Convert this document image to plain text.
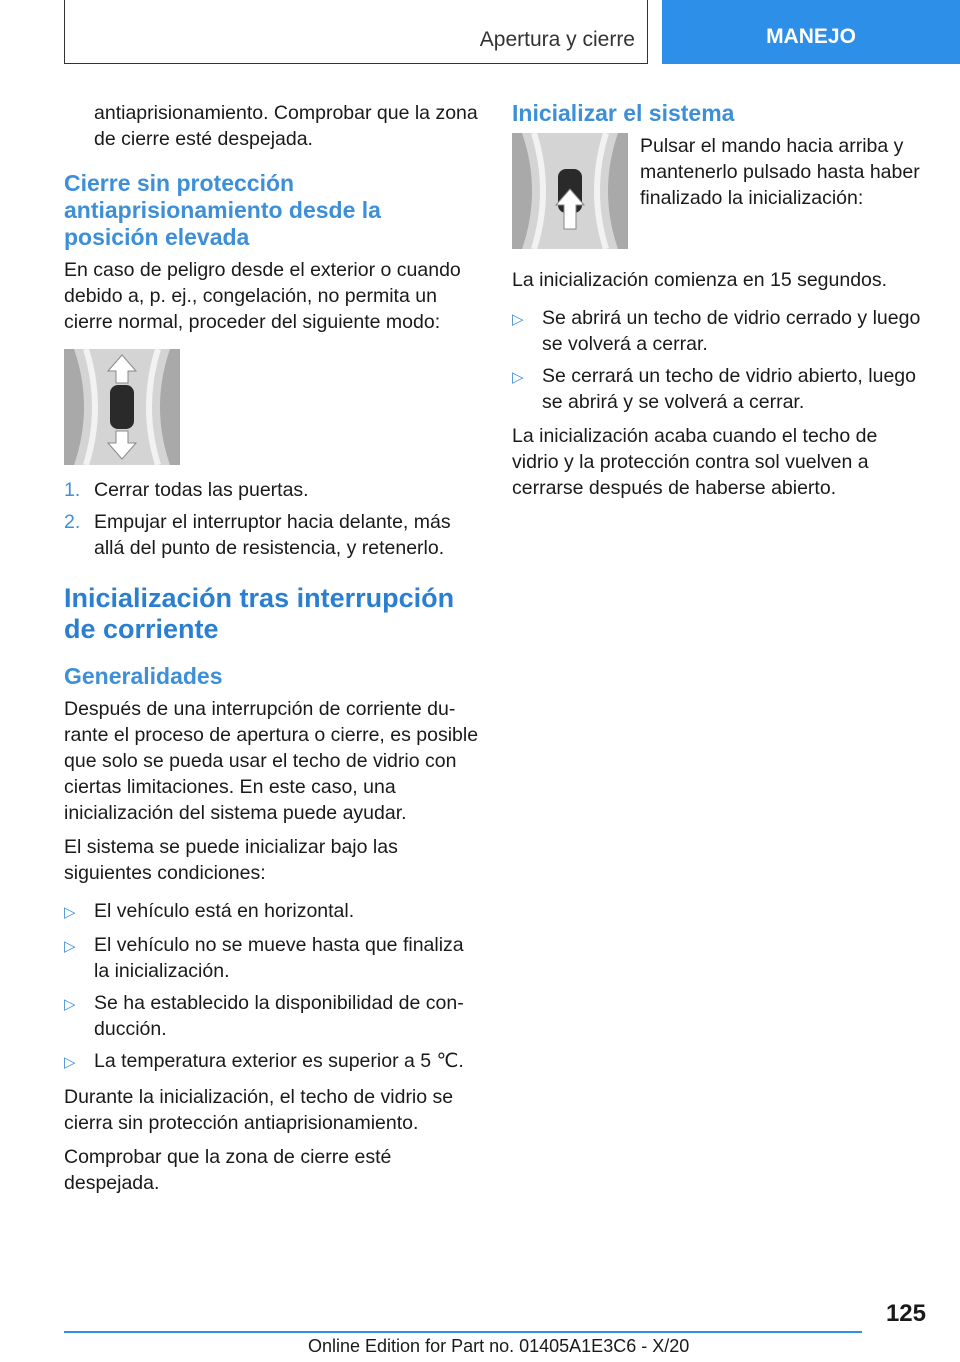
Apertura y cierre	MANEJO

antiaprisionamiento. Comprobar que la zona de cierre esté despejada.

Cierre sin protección antiaprisionamiento desde la posición elevada

En caso de peligro desde el exterior o cuando debido a, p. ej., congelación, no permita un cierre normal, proceder del siguiente modo:

1. Cerrar todas las puertas.
2. Empujar el interruptor hacia delante, más allá del punto de resistencia, y retenerlo.
Inicialización tras interrupción de corriente
Generalidades

Después de una interrupción de corriente durante el proceso de apertura o cierre, es posible que solo se pueda usar el techo de vidrio con ciertas limitaciones. En este caso, una inicialización del sistema puede ayudar.

El sistema se puede inicializar bajo las siguientes condiciones:

▷ El vehículo está en horizontal.
▷ El vehículo no se mueve hasta que finaliza la inicialización.
▷ Se ha establecido la disponibilidad de conducción.
▷ La temperatura exterior es superior a 5 ℃.

Durante la inicialización, el techo de vidrio se cierra sin protección antiaprisionamiento.

Comprobar que la zona de cierre esté despejada.

Inicializar el sistema

Pulsar el mando hacia arriba y mantenerlo pulsado hasta haber finalizado la inicialización:

La inicialización comienza en 15 segundos.

▷ Se abrirá un techo de vidrio cerrado y luego se volverá a cerrar.
▷ Se cerrará un techo de vidrio abierto, luego se abrirá y se volverá a cerrar.

La inicialización acaba cuando el techo de vidrio y la protección contra sol vuelven a cerrarse después de haberse abierto.

125
Online Edition for Part no. 01405A1E3C6 - X/20
